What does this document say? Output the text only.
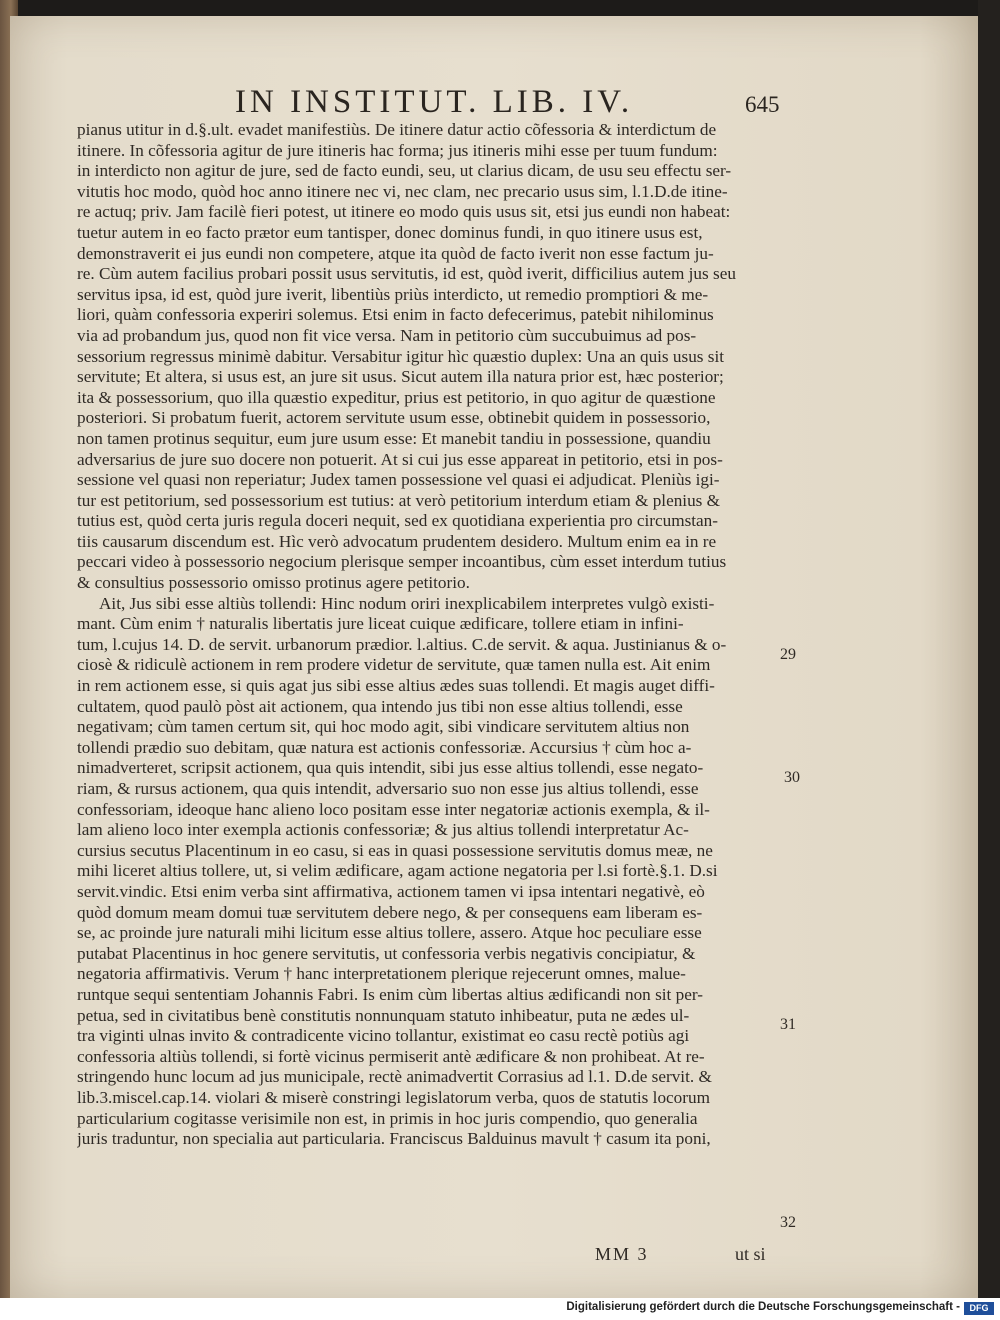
IN INSTITUT. LIB. IV.	645
pianus utitur in d.§.ult. evadet manifestiùs. De itinere datur actio cõfessoria & interdictum de
itinere. In cõfessoria agitur de jure itineris hac forma; jus itineris mihi esse per tuum fundum:
in interdicto non agitur de jure, sed de facto eundi, seu, ut clarius dicam, de usu seu effectu ser-
vitutis hoc modo, quòd hoc anno itinere nec vi, nec clam, nec precario usus sim, l.1.D.de itine-
re actuq; priv. Jam facilè fieri potest, ut itinere eo modo quis usus sit, etsi jus eundi non habeat:
tuetur autem in eo facto prætor eum tantisper, donec dominus fundi, in quo itinere usus est,
demonstraverit ei jus eundi non competere, atque ita quòd de facto iverit non esse factum ju-
re. Cùm autem facilius probari possit usus servitutis, id est, quòd iverit, difficilius autem jus seu
servitus ipsa, id est, quòd jure iverit, libentiùs priùs interdicto, ut remedio promptiori & me-
liori, quàm confessoria experiri solemus. Etsi enim in facto defecerimus, patebit nihilominus
via ad probandum jus, quod non fit vice versa. Nam in petitorio cùm succubuimus ad pos-
sessorium regressus minimè dabitur. Versabitur igitur hìc quæstio duplex: Una an quis usus sit
servitute; Et altera, si usus est, an jure sit usus. Sicut autem illa natura prior est, hæc posterior;
ita & possessorium, quo illa quæstio expeditur, prius est petitorio, in quo agitur de quæstione
posteriori. Si probatum fuerit, actorem servitute usum esse, obtinebit quidem in possessorio,
non tamen protinus sequitur, eum jure usum esse: Et manebit tandiu in possessione, quandiu
adversarius de jure suo docere non potuerit. At si cui jus esse appareat in petitorio, etsi in pos-
sessione vel quasi non reperiatur; Judex tamen possessione vel quasi ei adjudicat. Pleniùs igi-
tur est petitorium, sed possessorium est tutius: at verò petitorium interdum etiam & plenius &
tutius est, quòd certa juris regula doceri nequit, sed ex quotidiana experientia pro circumstan-
tiis causarum discendum est. Hìc verò advocatum prudentem desidero. Multum enim ea in re
peccari video à possessorio negocium plerisque semper incoantibus, cùm esset interdum tutius
& consultius possessorio omisso protinus agere petitorio.
Ait, Jus sibi esse altiùs tollendi: Hinc nodum oriri inexplicabilem interpretes vulgò existi-
mant. Cùm enim † naturalis libertatis jure liceat cuique ædificare, tollere etiam in infini-
tum, l.cujus 14. D. de servit. urbanorum prædior. l.altius. C.de servit. & aqua. Justinianus & o-
ciosè & ridiculè actionem in rem prodere videtur de servitute, quæ tamen nulla est. Ait enim
in rem actionem esse, si quis agat jus sibi esse altius ædes suas tollendi. Et magis auget diffi-
cultatem, quod paulò pòst ait actionem, qua intendo jus tibi non esse altius tollendi, esse
negativam; cùm tamen certum sit, qui hoc modo agit, sibi vindicare servitutem altius non
tollendi prædio suo debitam, quæ natura est actionis confessoriæ. Accursius † cùm hoc a-
nimadverteret, scripsit actionem, qua quis intendit, sibi jus esse altius tollendi, esse negato-
riam, & rursus actionem, qua quis intendit, adversario suo non esse jus altius tollendi, esse
confessoriam, ideoque hanc alieno loco positam esse inter negatoriæ actionis exempla, & il-
lam alieno loco inter exempla actionis confessoriæ; & jus altius tollendi interpretatur Ac-
cursius secutus Placentinum in eo casu, si eas in quasi possessione servitutis domus meæ, ne
mihi liceret altius tollere, ut, si velim ædificare, agam actione negatoria per l.si fortè.§.1. D.si
servit.vindic. Etsi enim verba sint affirmativa, actionem tamen vi ipsa intentari negativè, eò
quòd domum meam domui tuæ servitutem debere nego, & per consequens eam liberam es-
se, ac proinde jure naturali mihi licitum esse altius tollere, assero. Atque hoc peculiare esse
putabat Placentinus in hoc genere servitutis, ut confessoria verbis negativis concipiatur, &
negatoria affirmativis. Verum † hanc interpretationem plerique rejecerunt omnes, malue-
runtque sequi sententiam Johannis Fabri. Is enim cùm libertas altius ædificandi non sit per-
petua, sed in civitatibus benè constitutis nonnunquam statuto inhibeatur, puta ne ædes ul-
tra viginti ulnas invito & contradicente vicino tollantur, existimat eo casu rectè potiùs agi
confessoria altiùs tollendi, si fortè vicinus permiserit antè ædificare & non prohibeat. At re-
stringendo hunc locum ad jus municipale, rectè animadvertit Corrasius ad l.1. D.de servit. &
lib.3.miscel.cap.14. violari & miserè constringi legislatorum verba, quos de statutis locorum
particularium cogitasse verisimile non est, in primis in hoc juris compendio, quo generalia
juris traduntur, non specialia aut particularia. Franciscus Balduinus mavult † casum ita poni,
29
30
31
32
MM 3	ut si
Digitalisierung gefördert durch die Deutsche Forschungsgemeinschaft -	DFG
